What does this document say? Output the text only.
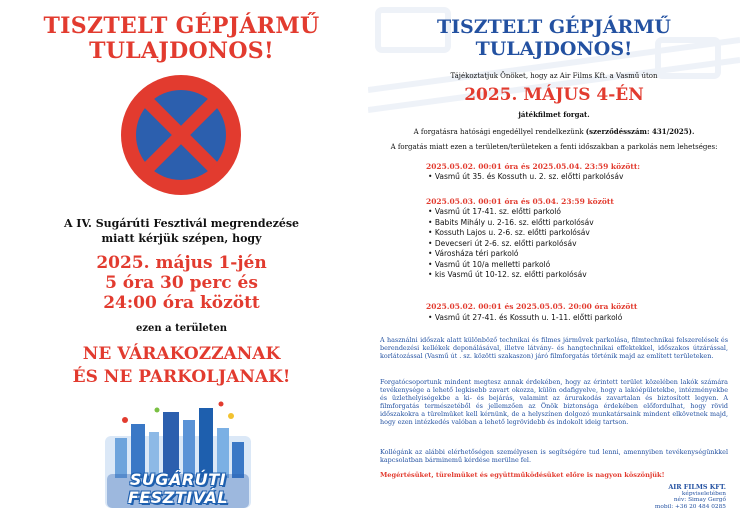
TISZTELT GÉPJÁRMŰ
TULAJDONOS!
A IV. Sugárúti Fesztivál megrendezése
miatt kérjük szépen, hogy
2025. május 1-jén
5 óra 30 perc és
24:00 óra között
ezen a területen
NE VÁRAKOZZANAK
ÉS NE PARKOLJANAK!
SUGÁRÚTI
FESZTIVÁL
TISZTELT GÉPJÁRMŰ
TULAJDONOS!
Tájékoztatjuk Önöket, hogy az Air Films Kft. a Vasmű úton
2025. MÁJUS 4-ÉN
játékfilmet forgat.
A forgatásra hatósági engedéllyel rendelkezünk (szerződésszám: 431/2025).
A forgatás miatt ezen a területen/területeken a fenti időszakban a parkolás nem lehetséges:
2025.05.02. 00:01 óra és 2025.05.04. 23:59 között:
• Vasmű út 35. és Kossuth u. 2. sz. előtti parkolósáv
2025.05.03. 00:01 óra és 05.04. 23:59 között
• Vasmű út 17-41. sz. előtti parkoló
• Babits Mihály u. 2-16. sz. előtti parkolósáv
• Kossuth Lajos u. 2-6. sz. előtti parkolósáv
• Devecseri út 2-6. sz. előtti parkolósáv
• Városháza téri parkoló
• Vasmű út 10/a melletti parkoló
• kis Vasmű út 10-12. sz. előtti parkolósáv
2025.05.02. 00:01 és 2025.05.05. 20:00 óra között
• Vasmű út 27-41. és Kossuth u. 1-11. előtti parkoló
A használni időszak alatt különböző technikai és filmes járművek parkolása, filmtechnikai felszerelések és berendezési kellékek deponálásával, illetve látvány- és hangtechnikai effektekkel, időszakos útzárással, korlátozással (Vasmű út . sz. közötti szakaszon) járó filmforgatás történik majd az említett területeken.
Forgatócsoportunk mindent megtesz annak érdekében, hogy az érintett terület közelében lakók számára tevékenysége a lehető legkisebb zavart okozza, külön odafigyelve, hogy a lakóépületekbe, intézményekbe és üzlethelyiségekbe a ki- és bejárás, valamint az árurakodás zavartalan és biztosított legyen. A filmforgatás természetéből és jellemzően az Önök biztonsága érdekében előfordulhat, hogy rövid időszakokra a türelmüket kell kérnünk, de a helyszínen dolgozó munkatársaink mindent elkövetnek majd, hogy ezen intézkedés valóban a lehető legrövidebb és indokolt ideig tartson.
Kollégánk az alábbi elérhetőségen személyesen is segítségére tud lenni, amennyiben tevékenységünkkel kapcsolatban bárminemű kérdése merülne fel.
Megértésüket, türelmüket és együttműködésüket előre is nagyon köszönjük!
AIR FILMS KFT.
képviseletében
név: Simay Gergő
mobil: +36 20 484 0285
